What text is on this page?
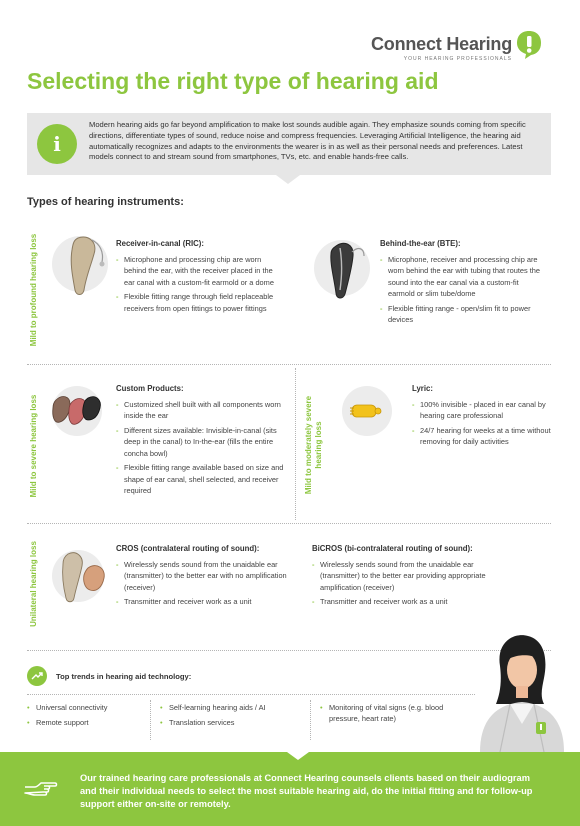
Connect Hearing
YOUR HEARING PROFESSIONALS
Selecting the right type of hearing aid
i

Modern hearing aids go far beyond amplification to make lost sounds audible again. They emphasize sounds coming from specific directions, differentiate types of sound, reduce noise and compress frequencies. Leveraging Artificial Intelligence, the hearing aid automatically recognizes and adapts to the environments the wearer is in as well as their personal needs and preferences. Latest models connect to and stream sound from smartphones, TVs, etc. and enable hands-free calls.

Types of hearing instruments:
Mild to profound hearing loss
Mild to severe hearing loss	Mild to moderately severe hearing loss
Unilateral hearing loss
Receiver-in-canal (RIC):
- Microphone and processing chip are worn behind the ear, with the receiver placed in the ear canal with a custom-fit earmold or a dome
- Flexible fitting range through field replaceable receivers from open fittings to power fittings
Behind-the-ear (BTE):
- Microphone, receiver and processing chip are worn behind the ear with tubing that routes the sound into the ear canal via a custom-fit earmold or slim tube/dome
- Flexible fitting range - open/slim fit to power devices
Custom Products:
- Customized shell built with all components worn inside the ear
- Different sizes available: Invisible-in-canal (sits deep in the canal) to In-the-ear (fills the entire concha bowl)
- Flexible fitting range available based on size and shape of ear canal, shell selected, and receiver required
Lyric:
- 100% invisible - placed in ear canal by hearing care professional
- 24/7 hearing for weeks at a time without removing for daily activities
CROS (contralateral routing of sound):
- Wirelessly sends sound from the unaidable ear (transmitter) to the better ear with no amplification (receiver)
- Transmitter and receiver work as a unit
BiCROS (bi-contralateral routing of sound):
- Wirelessly sends sound from the unaidable ear (transmitter) to the better ear providing appropriate amplification (receiver)
- Transmitter and receiver work as a unit
Top trends in hearing aid technology:
• Universal connectivity
• Remote support
• Self-learning hearing aids / AI
• Translation services
• Monitoring of vital signs (e.g. blood pressure, heart rate)

Our trained hearing care professionals at Connect Hearing counsels clients based on their audiogram and their individual needs to select the most suitable hearing aid, do the initial fitting and for follow-up support either on-site or remotely.
